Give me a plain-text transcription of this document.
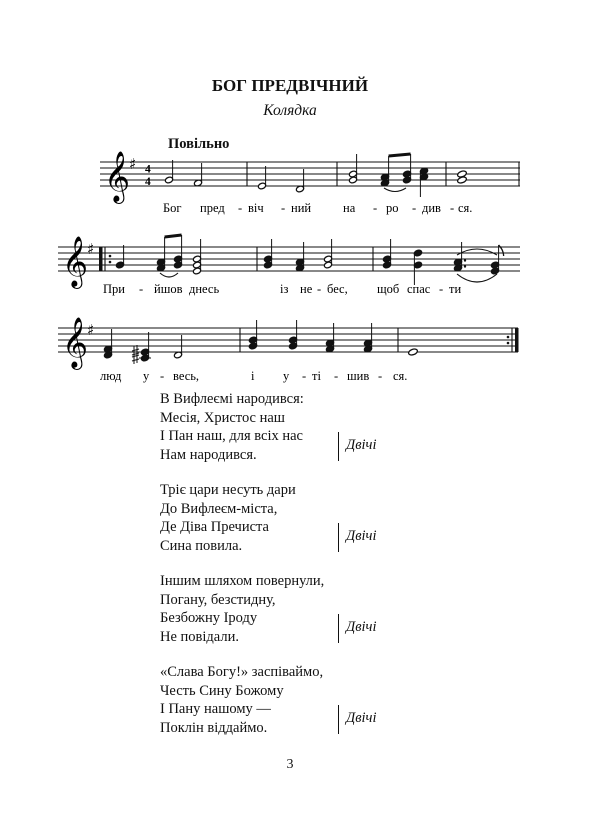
БОГ ПРЕДВІЧНИЙ
Колядка
Повільно
𝄞
♯ 4
4
Бог пред - віч - ний	на - ро - див - ся.
𝄞
♯
При - йшов днесь	із не - бес, щоб спас - ти
𝄞
♯
люд у - весь,	і у - ті - шив - ся.
В Вифлеємі народився:
Месія, Христос наш
І Пан наш, для всіх нас
Нам народився.
Двічі
Тріє цари несуть дари
До Вифлеєм-міста,
Де Діва Пречиста
Сина повила.
Двічі
Іншим шляхом повернули,
Погану, безстидну,
Безбожну Іроду
Не повідали.
Двічі
«Слава Богу!» заспіваймо,
Честь Сину Божому
І Пану нашому —
Поклін віддаймо.
Двічі
3
